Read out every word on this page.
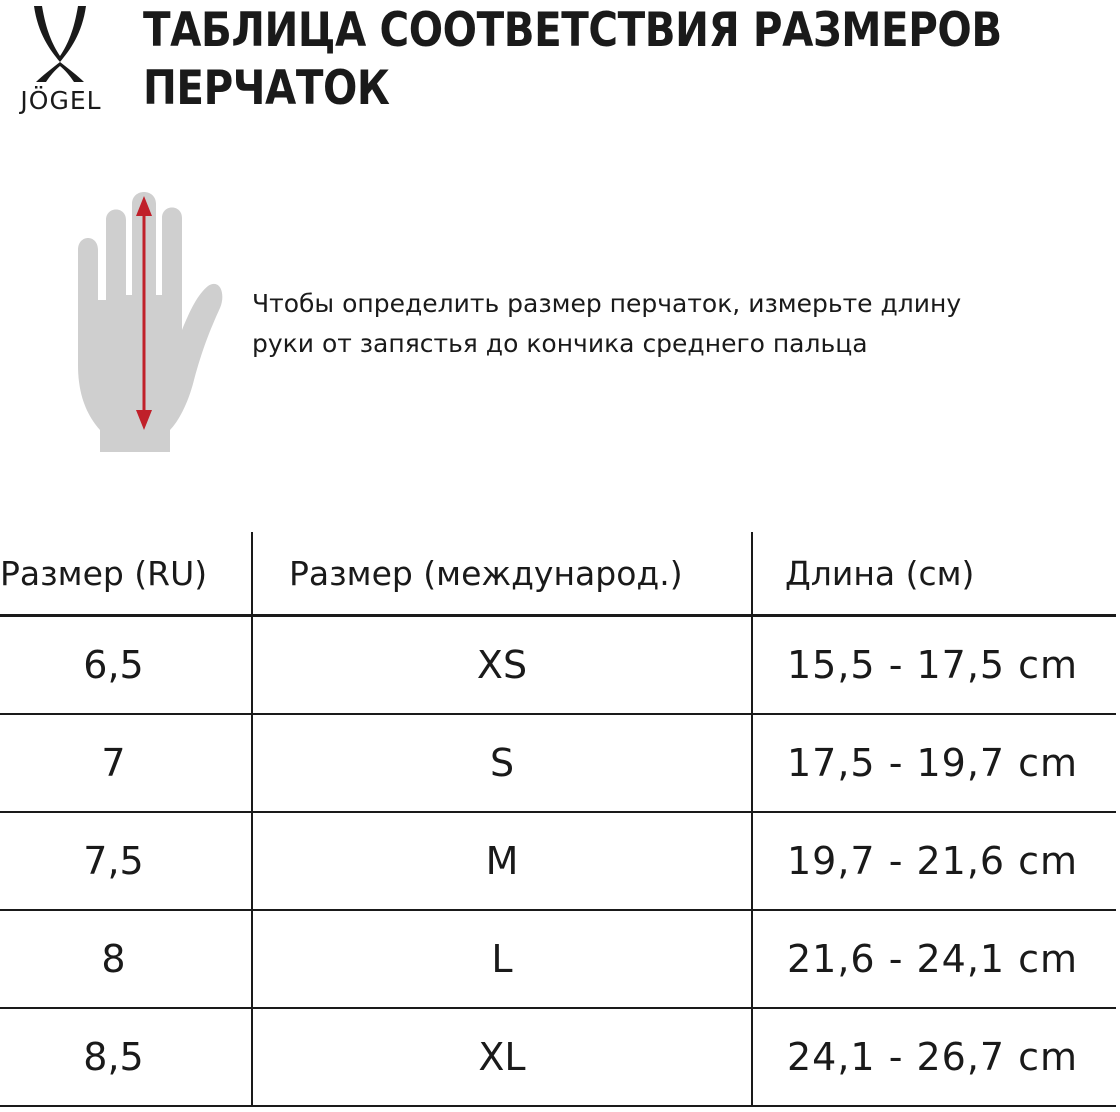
JÖGEL
ТАБЛИЦА СООТВЕТСТВИЯ РАЗМЕРОВ
ПЕРЧАТОК
Чтобы определить размер перчаток, измерьте длину
руки от запястья до кончика среднего пальца
Размер (RU)	Размер (международ.)	Длина (см)
6,5	XS	15,5 - 17,5 cm
7	S	17,5 - 19,7 cm
7,5	M	19,7 - 21,6 cm
8	L	21,6 - 24,1 cm
8,5	XL	24,1 - 26,7 cm
